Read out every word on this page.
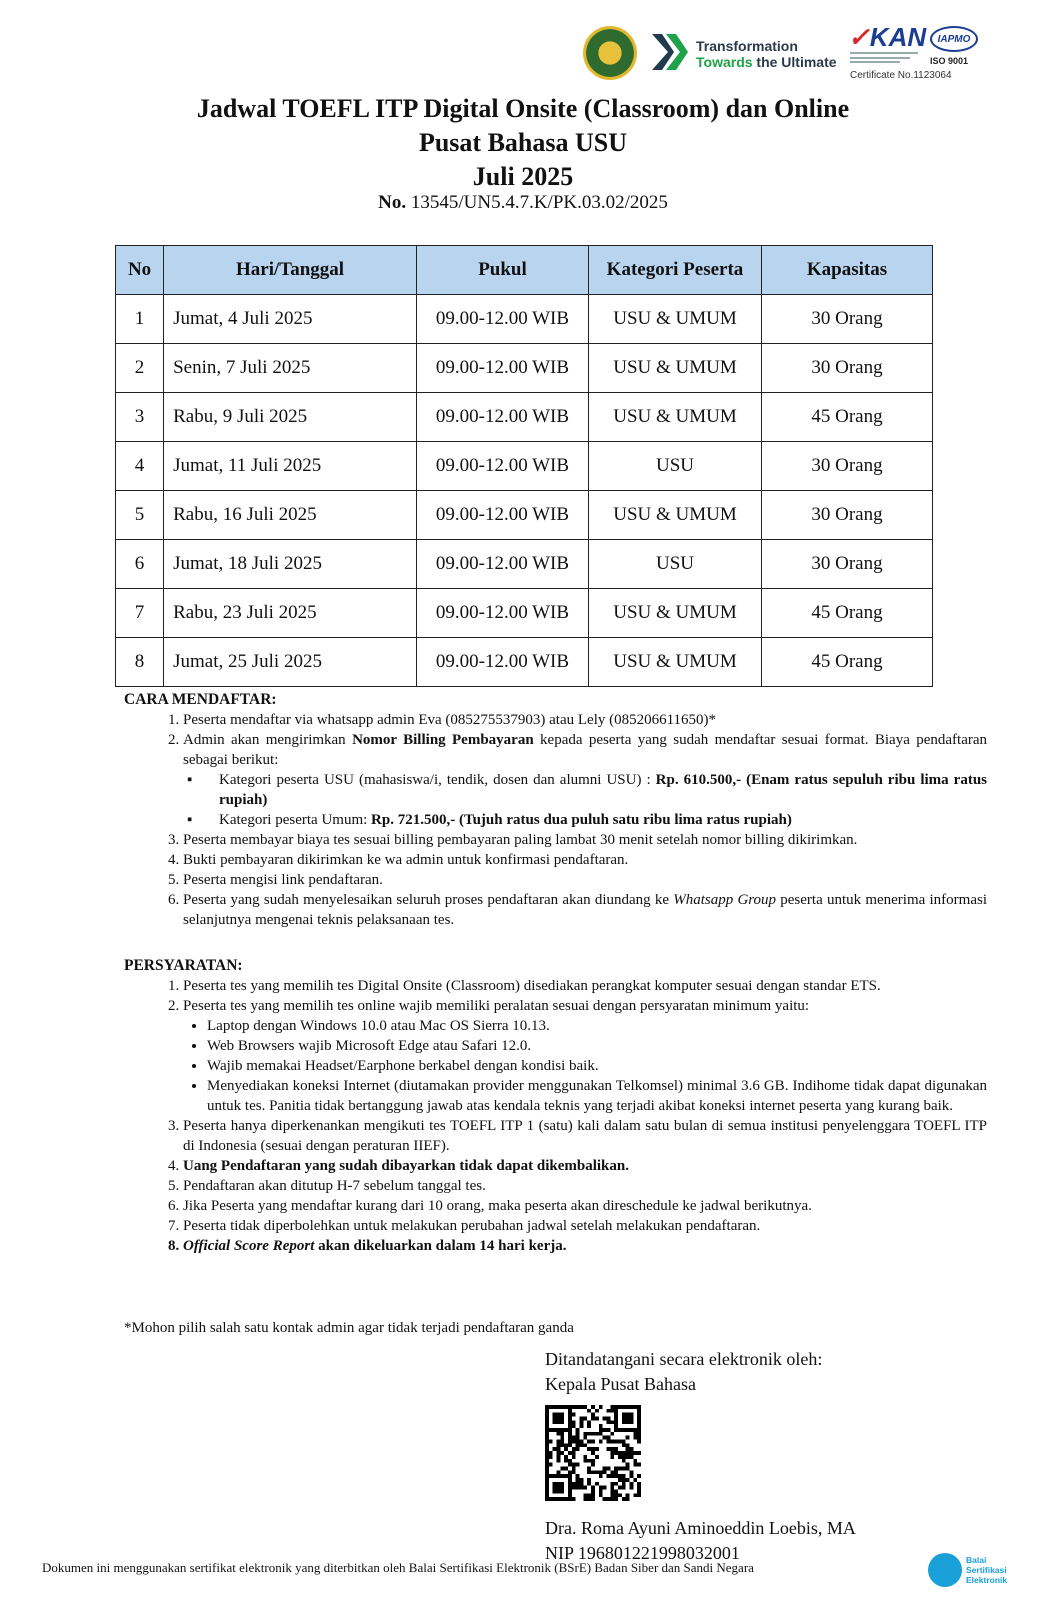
Transformation
Towards the Ultimate
✓KAN	IAPMO
ISO 9001
Certificate No.1123064
Jadwal TOEFL ITP Digital Onsite (Classroom) dan Online
Pusat Bahasa USU
Juli 2025
No. 13545/UN5.4.7.K/PK.03.02/2025
No	Hari/Tanggal	Pukul	Kategori Peserta	Kapasitas
1	Jumat, 4 Juli 2025	09.00-12.00 WIB	USU & UMUM	30 Orang
2	Senin, 7 Juli 2025	09.00-12.00 WIB	USU & UMUM	30 Orang
3	Rabu, 9 Juli 2025	09.00-12.00 WIB	USU & UMUM	45 Orang
4	Jumat, 11 Juli 2025	09.00-12.00 WIB	USU	30 Orang
5	Rabu, 16 Juli 2025	09.00-12.00 WIB	USU & UMUM	30 Orang
6	Jumat, 18 Juli 2025	09.00-12.00 WIB	USU	30 Orang
7	Rabu, 23 Juli 2025	09.00-12.00 WIB	USU & UMUM	45 Orang
8	Jumat, 25 Juli 2025	09.00-12.00 WIB	USU & UMUM	45 Orang
CARA MENDAFTAR:
1. Peserta mendaftar via whatsapp admin Eva (085275537903) atau Lely (085206611650)*
2. Admin akan mengirimkan Nomor Billing Pembayaran kepada peserta yang sudah mendaftar sesuai format. Biaya pendaftaran sebagai berikut:
▪ Kategori peserta USU (mahasiswa/i, tendik, dosen dan alumni USU) : Rp. 610.500,- (Enam ratus sepuluh ribu lima ratus rupiah)
▪ Kategori peserta Umum: Rp. 721.500,- (Tujuh ratus dua puluh satu ribu lima ratus rupiah)
3. Peserta membayar biaya tes sesuai billing pembayaran paling lambat 30 menit setelah nomor billing dikirimkan.
4. Bukti pembayaran dikirimkan ke wa admin untuk konfirmasi pendaftaran.
5. Peserta mengisi link pendaftaran.
6. Peserta yang sudah menyelesaikan seluruh proses pendaftaran akan diundang ke Whatsapp Group peserta untuk menerima informasi selanjutnya mengenai teknis pelaksanaan tes.
PERSYARATAN:
1. Peserta tes yang memilih tes Digital Onsite (Classroom) disediakan perangkat komputer sesuai dengan standar ETS.
2. Peserta tes yang memilih tes online wajib memiliki peralatan sesuai dengan persyaratan minimum yaitu:
• Laptop dengan Windows 10.0 atau Mac OS Sierra 10.13.
• Web Browsers wajib Microsoft Edge atau Safari 12.0.
• Wajib memakai Headset/Earphone berkabel dengan kondisi baik.
• Menyediakan koneksi Internet (diutamakan provider menggunakan Telkomsel) minimal 3.6 GB. Indihome tidak dapat digunakan untuk tes. Panitia tidak bertanggung jawab atas kendala teknis yang terjadi akibat koneksi internet peserta yang kurang baik.
3. Peserta hanya diperkenankan mengikuti tes TOEFL ITP 1 (satu) kali dalam satu bulan di semua institusi penyelenggara TOEFL ITP di Indonesia (sesuai dengan peraturan IIEF).
4. Uang Pendaftaran yang sudah dibayarkan tidak dapat dikembalikan.
5. Pendaftaran akan ditutup H-7 sebelum tanggal tes.
6. Jika Peserta yang mendaftar kurang dari 10 orang, maka peserta akan direschedule ke jadwal berikutnya.
7. Peserta tidak diperbolehkan untuk melakukan perubahan jadwal setelah melakukan pendaftaran.
8. Official Score Report akan dikeluarkan dalam 14 hari kerja.
*Mohon pilih salah satu kontak admin agar tidak terjadi pendaftaran ganda
Ditandatangani secara elektronik oleh:
Kepala Pusat Bahasa
Dra. Roma Ayuni Aminoeddin Loebis, MA
NIP 196801221998032001
Dokumen ini menggunakan sertifikat elektronik yang diterbitkan oleh Balai Sertifikasi Elektronik (BSrE) Badan Siber dan Sandi Negara	Balai
Sertifikasi
Elektronik
